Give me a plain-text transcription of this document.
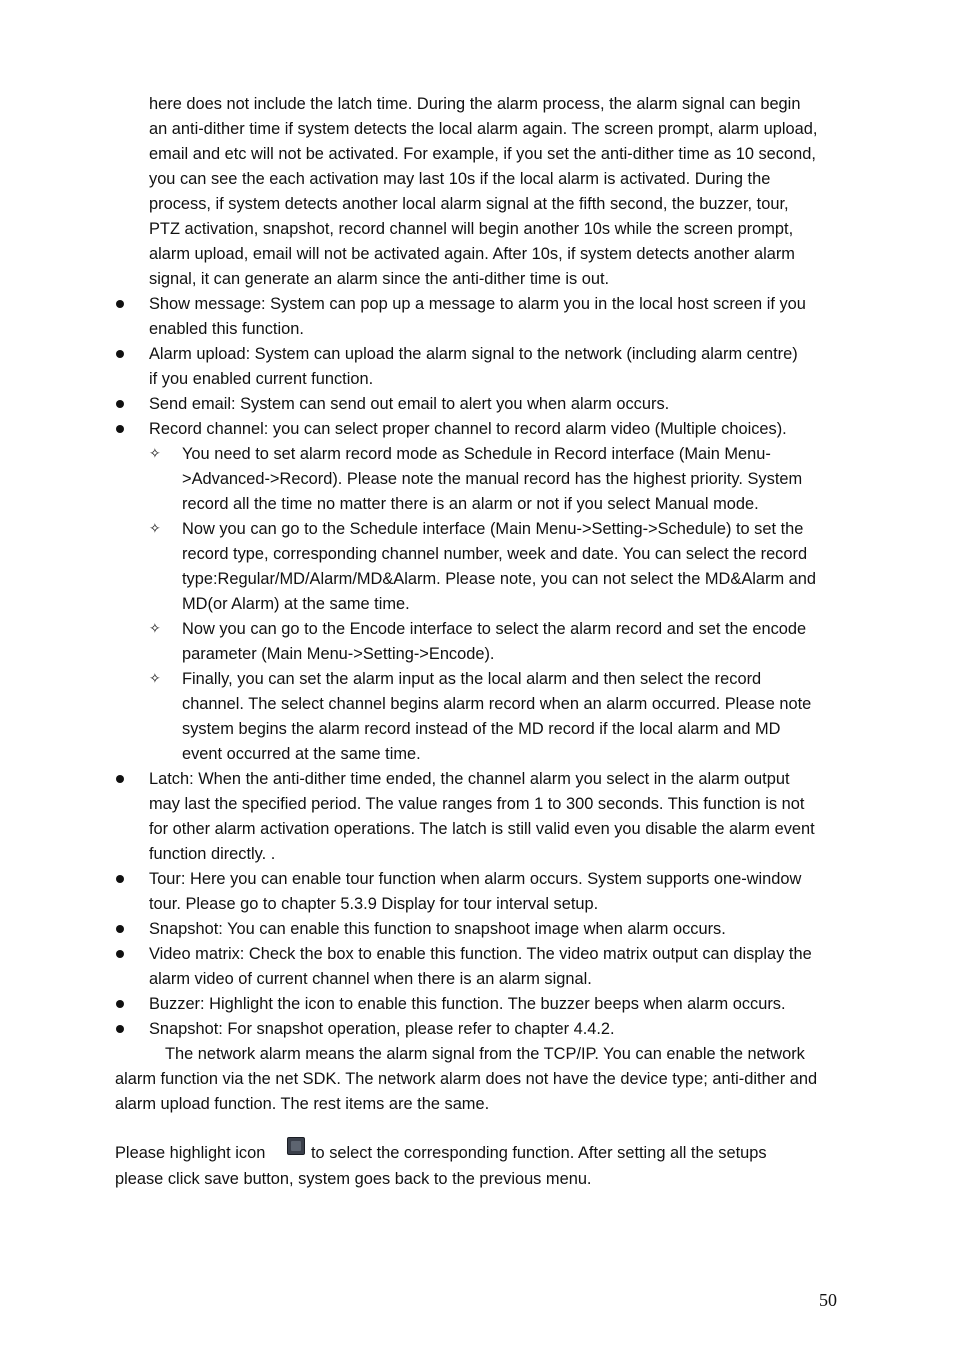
here does not include the latch time. During the alarm process, the alarm signal can begin
an anti-dither time if system detects the local alarm again. The screen prompt, alarm upload,
email and etc will not be activated. For example, if you set the anti-dither time as 10 second,
you can see the each activation may last 10s if the local alarm is activated. During the
process, if system detects another local alarm signal at the fifth second, the buzzer, tour,
PTZ activation, snapshot, record channel will begin another 10s while the screen prompt,
alarm upload, email will not be activated again. After 10s, if system detects another alarm
signal, it can generate an alarm since the anti-dither time is out.
Show message: System can pop up a message to alarm you in the local host screen if you
enabled this function.
Alarm upload: System can upload the alarm signal to the network (including alarm centre)
if you enabled current function.
Send email: System can send out email to alert you when alarm occurs.
Record channel: you can select proper channel to record alarm video (Multiple choices).
✧ You need to set alarm record mode as Schedule in Record interface (Main Menu-
>Advanced->Record). Please note the manual record has the highest priority. System
record all the time no matter there is an alarm or not if you select Manual mode.
✧ Now you can go to the Schedule interface (Main Menu->Setting->Schedule) to set the
record type, corresponding channel number, week and date. You can select the record
type:Regular/MD/Alarm/MD&Alarm. Please note, you can not select the MD&Alarm and
MD(or Alarm) at the same time.
✧ Now you can go to the Encode interface to select the alarm record and set the encode
parameter (Main Menu->Setting->Encode).
✧ Finally, you can set the alarm input as the local alarm and then select the record
channel. The select channel begins alarm record when an alarm occurred. Please note
system begins the alarm record instead of the MD record if the local alarm and MD
event occurred at the same time.
Latch: When the anti-dither time ended, the channel alarm you select in the alarm output
may last the specified period. The value ranges from 1 to 300 seconds. This function is not
for other alarm activation operations. The latch is still valid even you disable the alarm event
function directly. .
Tour: Here you can enable tour function when alarm occurs. System supports one-window
tour. Please go to chapter 5.3.9 Display for tour interval setup.
Snapshot: You can enable this function to snapshoot image when alarm occurs.
Video matrix: Check the box to enable this function. The video matrix output can display the
alarm video of current channel when there is an alarm signal.
Buzzer: Highlight the icon to enable this function. The buzzer beeps when alarm occurs.
Snapshot: For snapshot operation, please refer to chapter 4.4.2.
The network alarm means the alarm signal from the TCP/IP. You can enable the network
alarm function via the net SDK. The network alarm does not have the device type; anti-dither and
alarm upload function. The rest items are the same.
Please highlight icon	to select the corresponding function. After setting all the setups
please click save button, system goes back to the previous menu.
50
